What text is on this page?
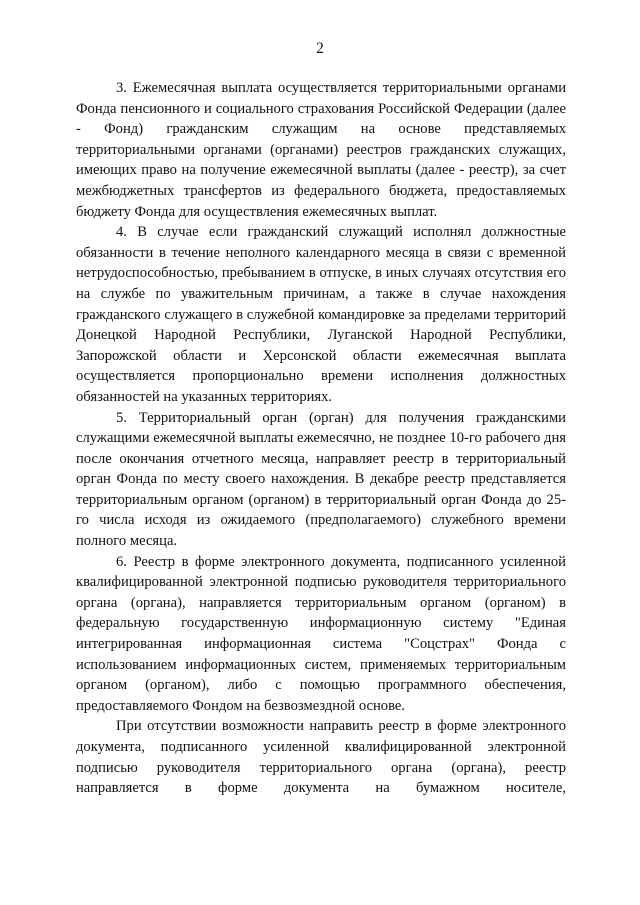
2

3. Ежемесячная выплата осуществляется территориальными органами Фонда пенсионного и социального страхования Российской Федерации (далее - Фонд) гражданским служащим на основе представляемых территориальными органами (органами) реестров гражданских служащих, имеющих право на получение ежемесячной выплаты (далее - реестр), за счет межбюджетных трансфертов из федерального бюджета, предоставляемых бюджету Фонда для осуществления ежемесячных выплат.

4. В случае если гражданский служащий исполнял должностные обязанности в течение неполного календарного месяца в связи с временной нетрудоспособностью, пребыванием в отпуске, в иных случаях отсутствия его на службе по уважительным причинам, а также в случае нахождения гражданского служащего в служебной командировке за пределами территорий Донецкой Народной Республики, Луганской Народной Республики, Запорожской области и Херсонской области ежемесячная выплата осуществляется пропорционально времени исполнения должностных обязанностей на указанных территориях.

5. Территориальный орган (орган) для получения гражданскими служащими ежемесячной выплаты ежемесячно, не позднее 10-го рабочего дня после окончания отчетного месяца, направляет реестр в территориальный орган Фонда по месту своего нахождения. В декабре реестр представляется территориальным органом (органом) в территориальный орган Фонда до 25-го числа исходя из ожидаемого (предполагаемого) служебного времени полного месяца.

6. Реестр в форме электронного документа, подписанного усиленной квалифицированной электронной подписью руководителя территориального органа (органа), направляется территориальным органом (органом) в федеральную государственную информационную систему "Единая интегрированная информационная система "Соцстрах" Фонда с использованием информационных систем, применяемых территориальным органом (органом), либо с помощью программного обеспечения, предоставляемого Фондом на безвозмездной основе.

При отсутствии возможности направить реестр в форме электронного документа, подписанного усиленной квалифицированной электронной подписью руководителя территориального органа (органа), реестр направляется в форме документа на бумажном носителе,
